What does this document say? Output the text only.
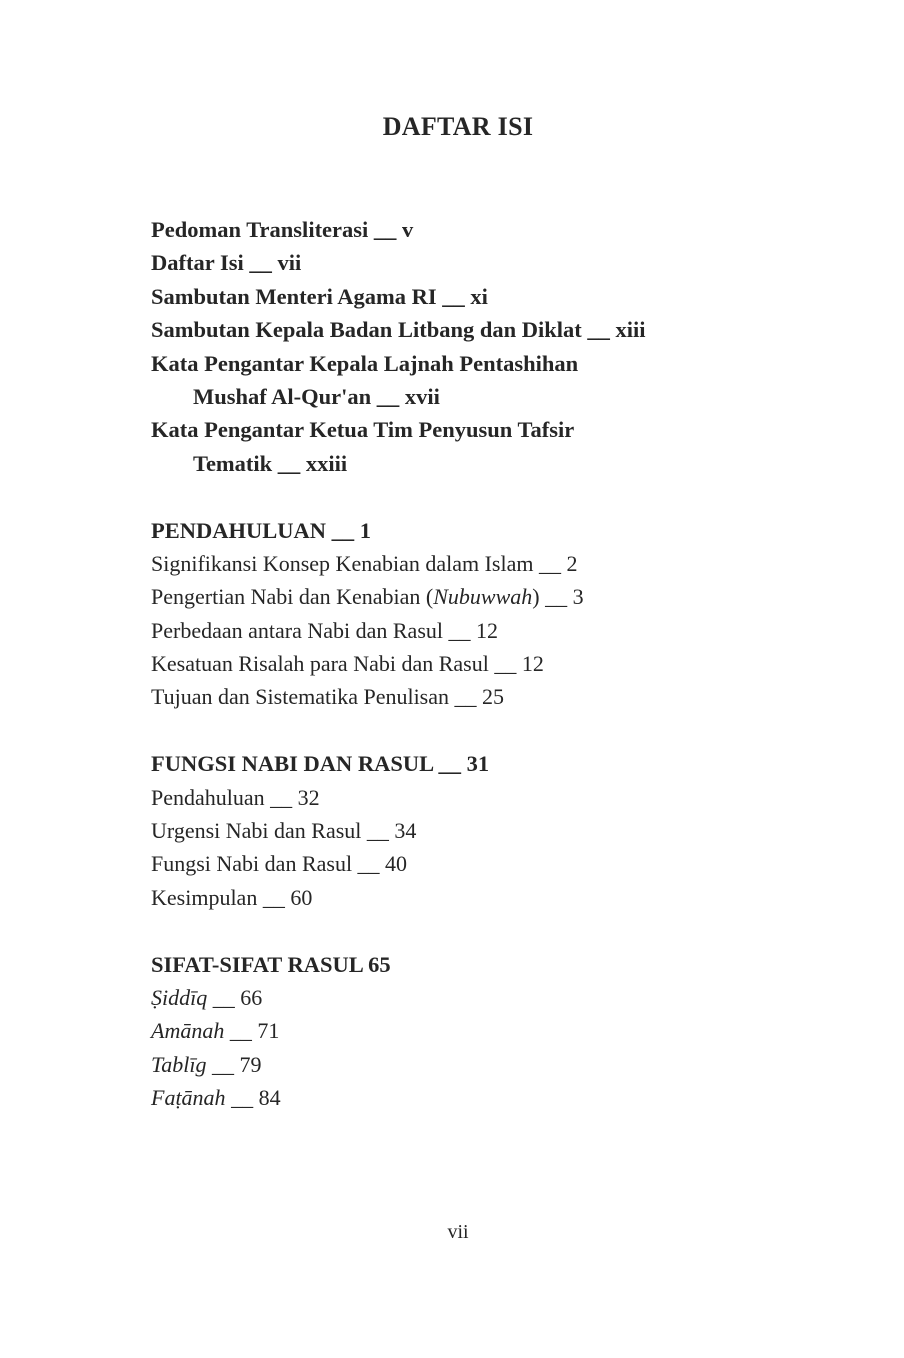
DAFTAR ISI
Pedoman Transliterasi __ v
Daftar Isi __ vii
Sambutan Menteri Agama RI __ xi
Sambutan Kepala Badan Litbang dan Diklat __ xiii
Kata Pengantar Kepala Lajnah Pentashihan
Mushaf Al-Qur'an __ xvii
Kata Pengantar Ketua Tim Penyusun Tafsir
Tematik __ xxiii
PENDAHULUAN __ 1
Signifikansi Konsep Kenabian dalam Islam __ 2
Pengertian Nabi dan Kenabian (Nubuwwah) __ 3
Perbedaan antara Nabi dan Rasul __ 12
Kesatuan Risalah para Nabi dan Rasul __ 12
Tujuan dan Sistematika Penulisan __ 25
FUNGSI NABI DAN RASUL __ 31
Pendahuluan __ 32
Urgensi Nabi dan Rasul __ 34
Fungsi Nabi dan Rasul __ 40
Kesimpulan __ 60
SIFAT-SIFAT RASUL 65
Ṣiddīq __ 66
Amānah __ 71
Tablīg __ 79
Faṭānah __ 84
vii
